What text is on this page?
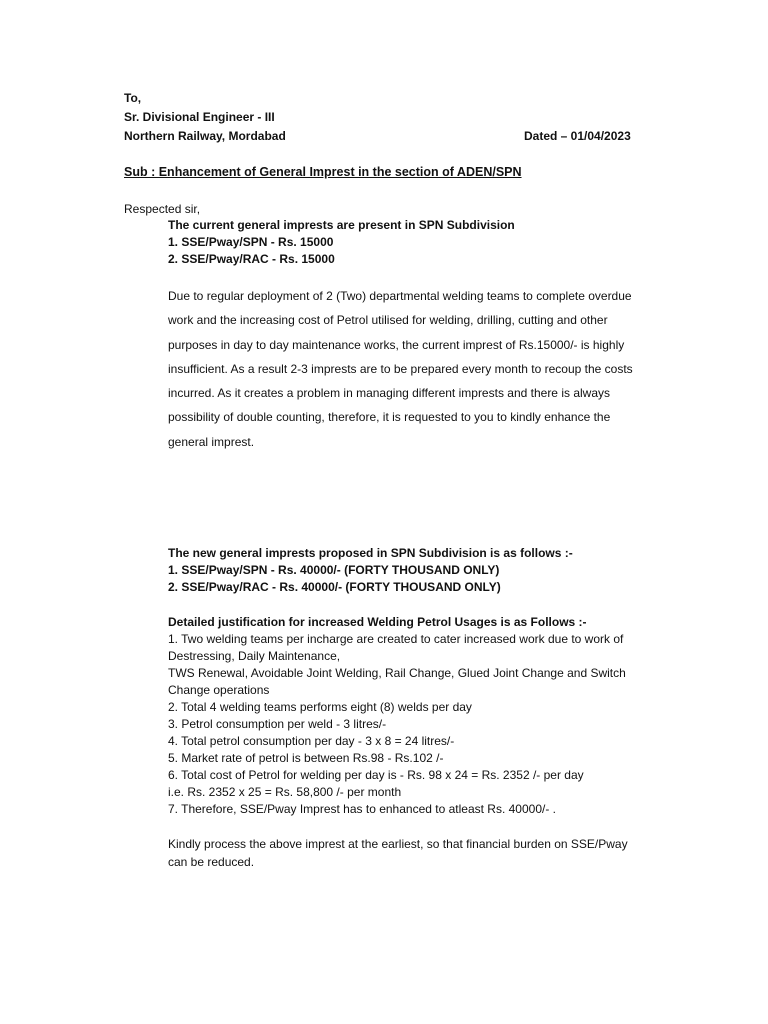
To,
Sr. Divisional Engineer - III
Northern Railway, Mordabad	Dated – 01/04/2023
Sub : Enhancement of General Imprest in the section of ADEN/SPN
Respected sir,
The current general imprests are present in SPN Subdivision
1. SSE/Pway/SPN - Rs. 15000
2. SSE/Pway/RAC - Rs. 15000
Due to regular deployment of 2 (Two) departmental welding teams to complete overdue work and the increasing cost of Petrol utilised for welding, drilling, cutting and other purposes in day to day maintenance works, the current imprest of Rs.15000/- is highly insufficient. As a result 2-3 imprests are to be prepared every month to recoup the costs incurred. As it creates a problem in managing different imprests and there is always possibility of double counting, therefore, it is requested to you to kindly enhance the general imprest.
The new general imprests proposed in SPN Subdivision is as follows :-
1. SSE/Pway/SPN - Rs. 40000/- (FORTY THOUSAND ONLY)
2. SSE/Pway/RAC - Rs. 40000/- (FORTY THOUSAND ONLY)
Detailed justification for increased Welding Petrol Usages is as Follows :-
1. Two welding teams per incharge are created to cater increased work due to work of Destressing, Daily Maintenance,
TWS Renewal, Avoidable Joint Welding, Rail Change, Glued Joint Change and Switch Change operations
2. Total 4 welding teams performs eight (8) welds per day
3. Petrol consumption per weld - 3 litres/-
4. Total petrol consumption per day - 3 x 8 = 24 litres/-
5. Market rate of petrol is between Rs.98 - Rs.102 /-
6. Total cost of Petrol for welding per day is - Rs. 98 x 24 = Rs. 2352 /- per day
i.e. Rs. 2352 x 25 = Rs. 58,800 /- per month
7. Therefore, SSE/Pway Imprest has to enhanced to atleast Rs. 40000/- .
Kindly process the above imprest at the earliest, so that financial burden on SSE/Pway can be reduced.
